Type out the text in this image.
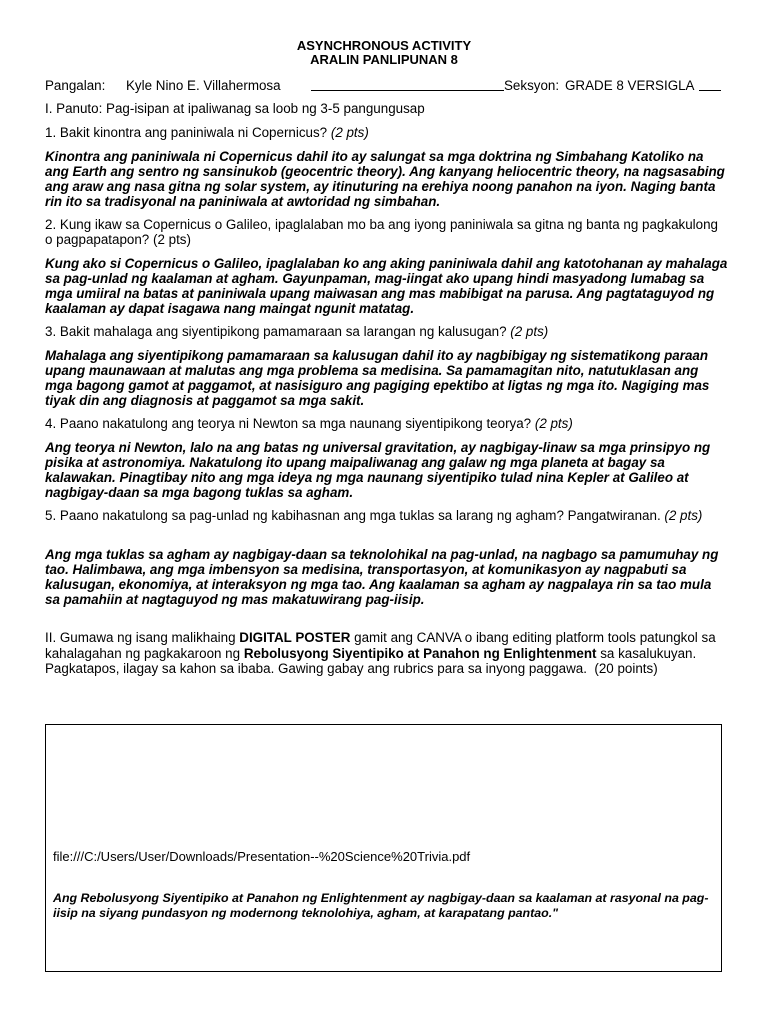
ASYNCHRONOUS ACTIVITY
ARALIN PANLIPUNAN 8
Pangalan: Kyle Nino E. Villahermosa	Seksyon: GRADE 8 VERSIGLA
I. Panuto: Pag-isipan at ipaliwanag sa loob ng 3-5 pangungusap
1. Bakit kinontra ang paniniwala ni Copernicus? (2 pts)
Kinontra ang paniniwala ni Copernicus dahil ito ay salungat sa mga doktrina ng Simbahang Katoliko na ang Earth ang sentro ng sansinukob (geocentric theory). Ang kanyang heliocentric theory, na nagsasabing ang araw ang nasa gitna ng solar system, ay itinuturing na erehiya noong panahon na iyon. Naging banta rin ito sa tradisyonal na paniniwala at awtoridad ng simbahan.
2. Kung ikaw sa Copernicus o Galileo, ipaglalaban mo ba ang iyong paniniwala sa gitna ng banta ng pagkakulong o pagpapatapon? (2 pts)
Kung ako si Copernicus o Galileo, ipaglalaban ko ang aking paniniwala dahil ang katotohanan ay mahalaga sa pag-unlad ng kaalaman at agham. Gayunpaman, mag-iingat ako upang hindi masyadong lumabag sa mga umiiral na batas at paniniwala upang maiwasan ang mas mabibigat na parusa. Ang pagtataguyod ng kaalaman ay dapat isagawa nang maingat ngunit matatag.
3. Bakit mahalaga ang siyentipikong pamamaraan sa larangan ng kalusugan? (2 pts)
Mahalaga ang siyentipikong pamamaraan sa kalusugan dahil ito ay nagbibigay ng sistematikong paraan upang maunawaan at malutas ang mga problema sa medisina. Sa pamamagitan nito, natutuklasan ang mga bagong gamot at paggamot, at nasisiguro ang pagiging epektibo at ligtas ng mga ito. Nagiging mas tiyak din ang diagnosis at paggamot sa mga sakit.
4. Paano nakatulong ang teorya ni Newton sa mga naunang siyentipikong teorya? (2 pts)
Ang teorya ni Newton, lalo na ang batas ng universal gravitation, ay nagbigay-linaw sa mga prinsipyo ng pisika at astronomiya. Nakatulong ito upang maipaliwanag ang galaw ng mga planeta at bagay sa kalawakan. Pinagtibay nito ang mga ideya ng mga naunang siyentipiko tulad nina Kepler at Galileo at nagbigay-daan sa mga bagong tuklas sa agham.
5. Paano nakatulong sa pag-unlad ng kabihasnan ang mga tuklas sa larang ng agham? Pangatwiranan. (2 pts)
Ang mga tuklas sa agham ay nagbigay-daan sa teknolohikal na pag-unlad, na nagbago sa pamumuhay ng tao. Halimbawa, ang mga imbensyon sa medisina, transportasyon, at komunikasyon ay nagpabuti sa kalusugan, ekonomiya, at interaksyon ng mga tao. Ang kaalaman sa agham ay nagpalaya rin sa tao mula sa pamahiin at nagtaguyod ng mas makatuwirang pag-iisip.
II. Gumawa ng isang malikhaing DIGITAL POSTER gamit ang CANVA o ibang editing platform tools patungkol sa kahalagahan ng pagkakaroon ng Rebolusyong Siyentipiko at Panahon ng Enlightenment sa kasalukuyan. Pagkatapos, ilagay sa kahon sa ibaba. Gawing gabay ang rubrics para sa inyong paggawa. (20 points)
file:///C:/Users/User/Downloads/Presentation--%20Science%20Trivia.pdf
Ang Rebolusyong Siyentipiko at Panahon ng Enlightenment ay nagbigay-daan sa kaalaman at rasyonal na pag-iisip na siyang pundasyon ng modernong teknolohiya, agham, at karapatang pantao."
